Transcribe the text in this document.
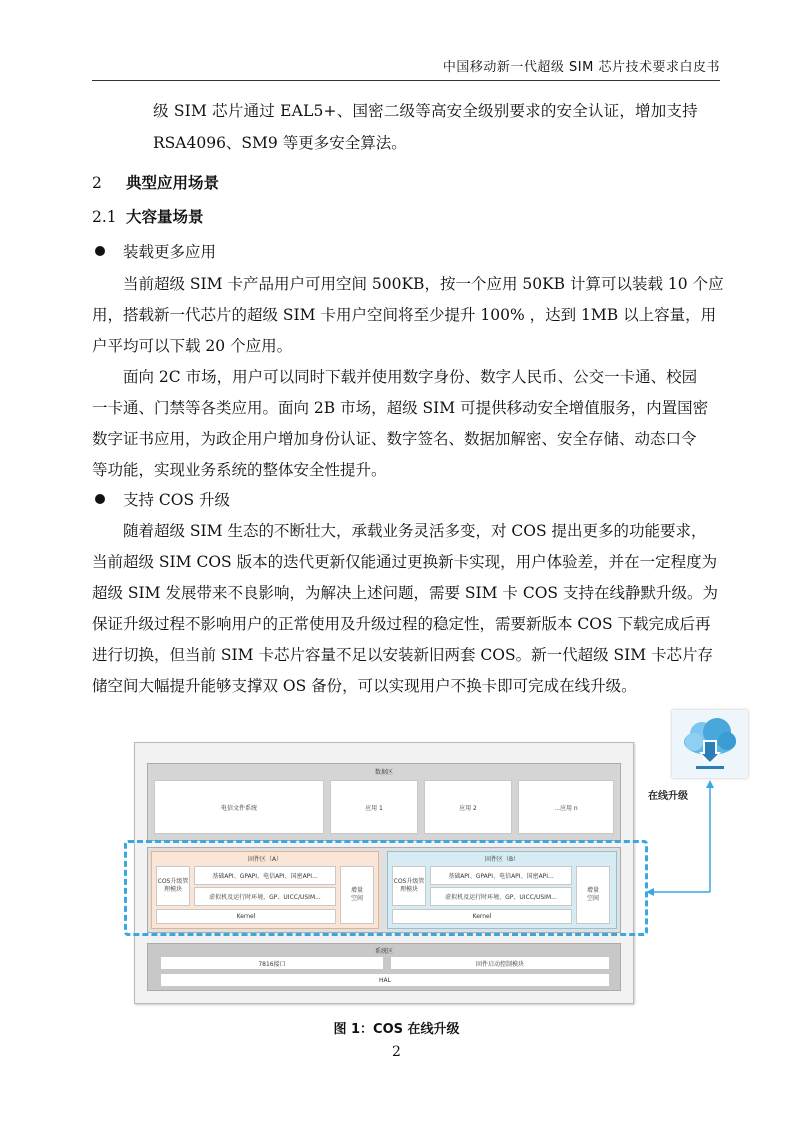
中国移动新一代超级 SIM 芯片技术要求白皮书
级 SIM 芯片通过 EAL5+、国密二级等高安全级别要求的安全认证，增加支持
RSA4096、SM9 等更多安全算法。
2 典型应用场景
2.1 大容量场景
装载更多应用
当前超级 SIM 卡产品用户可用空间 500KB，按一个应用 50KB 计算可以装载 10 个应
用，搭载新一代芯片的超级 SIM 卡用户空间将至少提升 100% ，达到 1MB 以上容量，用
户平均可以下载 20 个应用。
面向 2C 市场，用户可以同时下载并使用数字身份、数字人民币、公交一卡通、校园
一卡通、门禁等各类应用。面向 2B 市场，超级 SIM 可提供移动安全增值服务，内置国密
数字证书应用，为政企用户增加身份认证、数字签名、数据加解密、安全存储、动态口令
等功能，实现业务系统的整体安全性提升。
支持 COS 升级
随着超级 SIM 生态的不断壮大，承载业务灵活多变，对 COS 提出更多的功能要求，
当前超级 SIM COS 版本的迭代更新仅能通过更换新卡实现，用户体验差，并在一定程度为
超级 SIM 发展带来不良影响，为解决上述问题，需要 SIM 卡 COS 支持在线静默升级。为
保证升级过程不影响用户的正常使用及升级过程的稳定性，需要新版本 COS 下载完成后再
进行切换，但当前 SIM 卡芯片容量不足以安装新旧两套 COS。新一代超级 SIM 卡芯片存
储空间大幅提升能够支撑双 OS 备份，可以实现用户不换卡即可完成在线升级。
数据区
电信文件系统	应用 1	应用 2	...应用 n
固件区（A）
COS升级管理模块
基础API、GPAPI、电信API、国密API...
虚拟机及运行时环境、GP、UICC/USIM...
Kernel
增量空间
固件区（B）
COS升级管理模块
基础API、GPAPI、电信API、国密API...
虚拟机及运行时环境、GP、UICC/USIM...
Kernel
增量空间
系统区
7816接口	固件启动控制模块
HAL
在线升级
图 1：COS 在线升级
2
